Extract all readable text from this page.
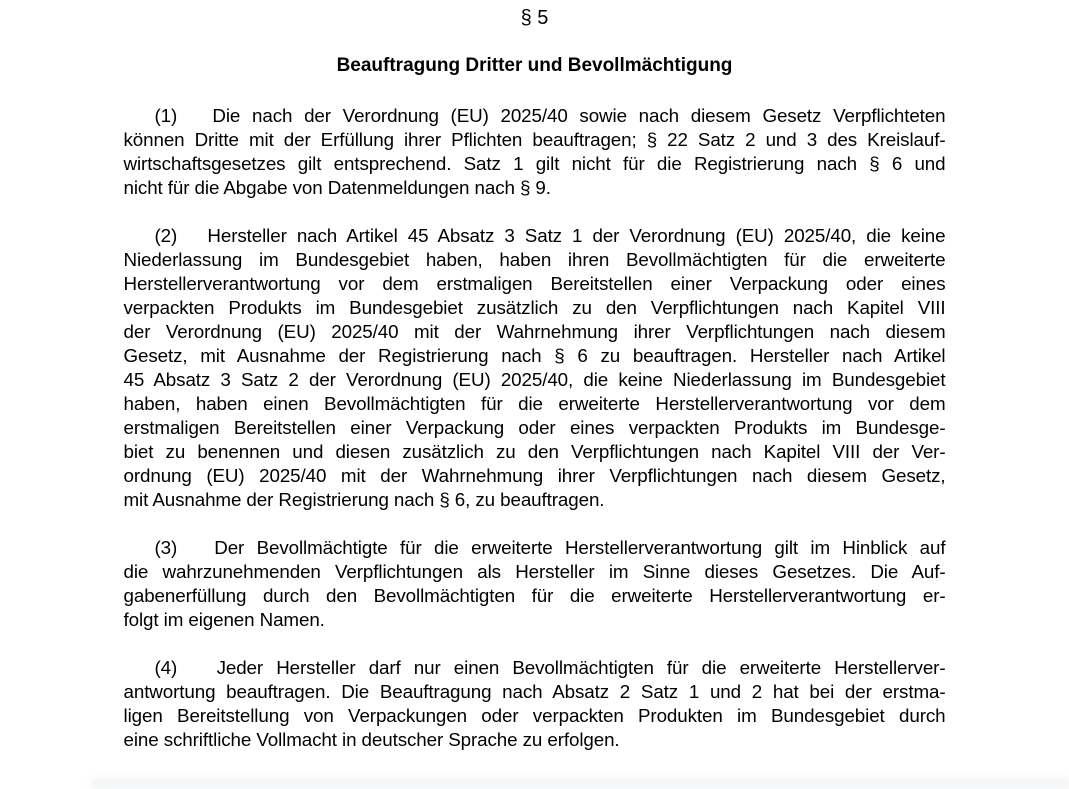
§ 5
Beauftragung Dritter und Bevollmächtigung
(1)   Die nach der Verordnung (EU) 2025/40 sowie nach diesem Gesetz Verpflichteten
können Dritte mit der Erfüllung ihrer Pflichten beauftragen; § 22 Satz 2 und 3 des Kreislauf-
wirtschaftsgesetzes gilt entsprechend. Satz 1 gilt nicht für die Registrierung nach § 6 und
nicht für die Abgabe von Datenmeldungen nach § 9.
(2)   Hersteller nach Artikel 45 Absatz 3 Satz 1 der Verordnung (EU) 2025/40, die keine
Niederlassung im Bundesgebiet haben, haben ihren Bevollmächtigten für die erweiterte
Herstellerverantwortung vor dem erstmaligen Bereitstellen einer Verpackung oder eines
verpackten Produkts im Bundesgebiet zusätzlich zu den Verpflichtungen nach Kapitel VIII
der Verordnung (EU) 2025/40 mit der Wahrnehmung ihrer Verpflichtungen nach diesem
Gesetz, mit Ausnahme der Registrierung nach § 6 zu beauftragen. Hersteller nach Artikel
45 Absatz 3 Satz 2 der Verordnung (EU) 2025/40, die keine Niederlassung im Bundesgebiet
haben, haben einen Bevollmächtigten für die erweiterte Herstellerverantwortung vor dem
erstmaligen Bereitstellen einer Verpackung oder eines verpackten Produkts im Bundesge-
biet zu benennen und diesen zusätzlich zu den Verpflichtungen nach Kapitel VIII der Ver-
ordnung (EU) 2025/40 mit der Wahrnehmung ihrer Verpflichtungen nach diesem Gesetz,
mit Ausnahme der Registrierung nach § 6, zu beauftragen.
(3)   Der Bevollmächtigte für die erweiterte Herstellerverantwortung gilt im Hinblick auf
die wahrzunehmenden Verpflichtungen als Hersteller im Sinne dieses Gesetzes. Die Auf-
gabenerfüllung durch den Bevollmächtigten für die erweiterte Herstellerverantwortung er-
folgt im eigenen Namen.
(4)   Jeder Hersteller darf nur einen Bevollmächtigten für die erweiterte Herstellerver-
antwortung beauftragen. Die Beauftragung nach Absatz 2 Satz 1 und 2 hat bei der erstma-
ligen Bereitstellung von Verpackungen oder verpackten Produkten im Bundesgebiet durch
eine schriftliche Vollmacht in deutscher Sprache zu erfolgen.
